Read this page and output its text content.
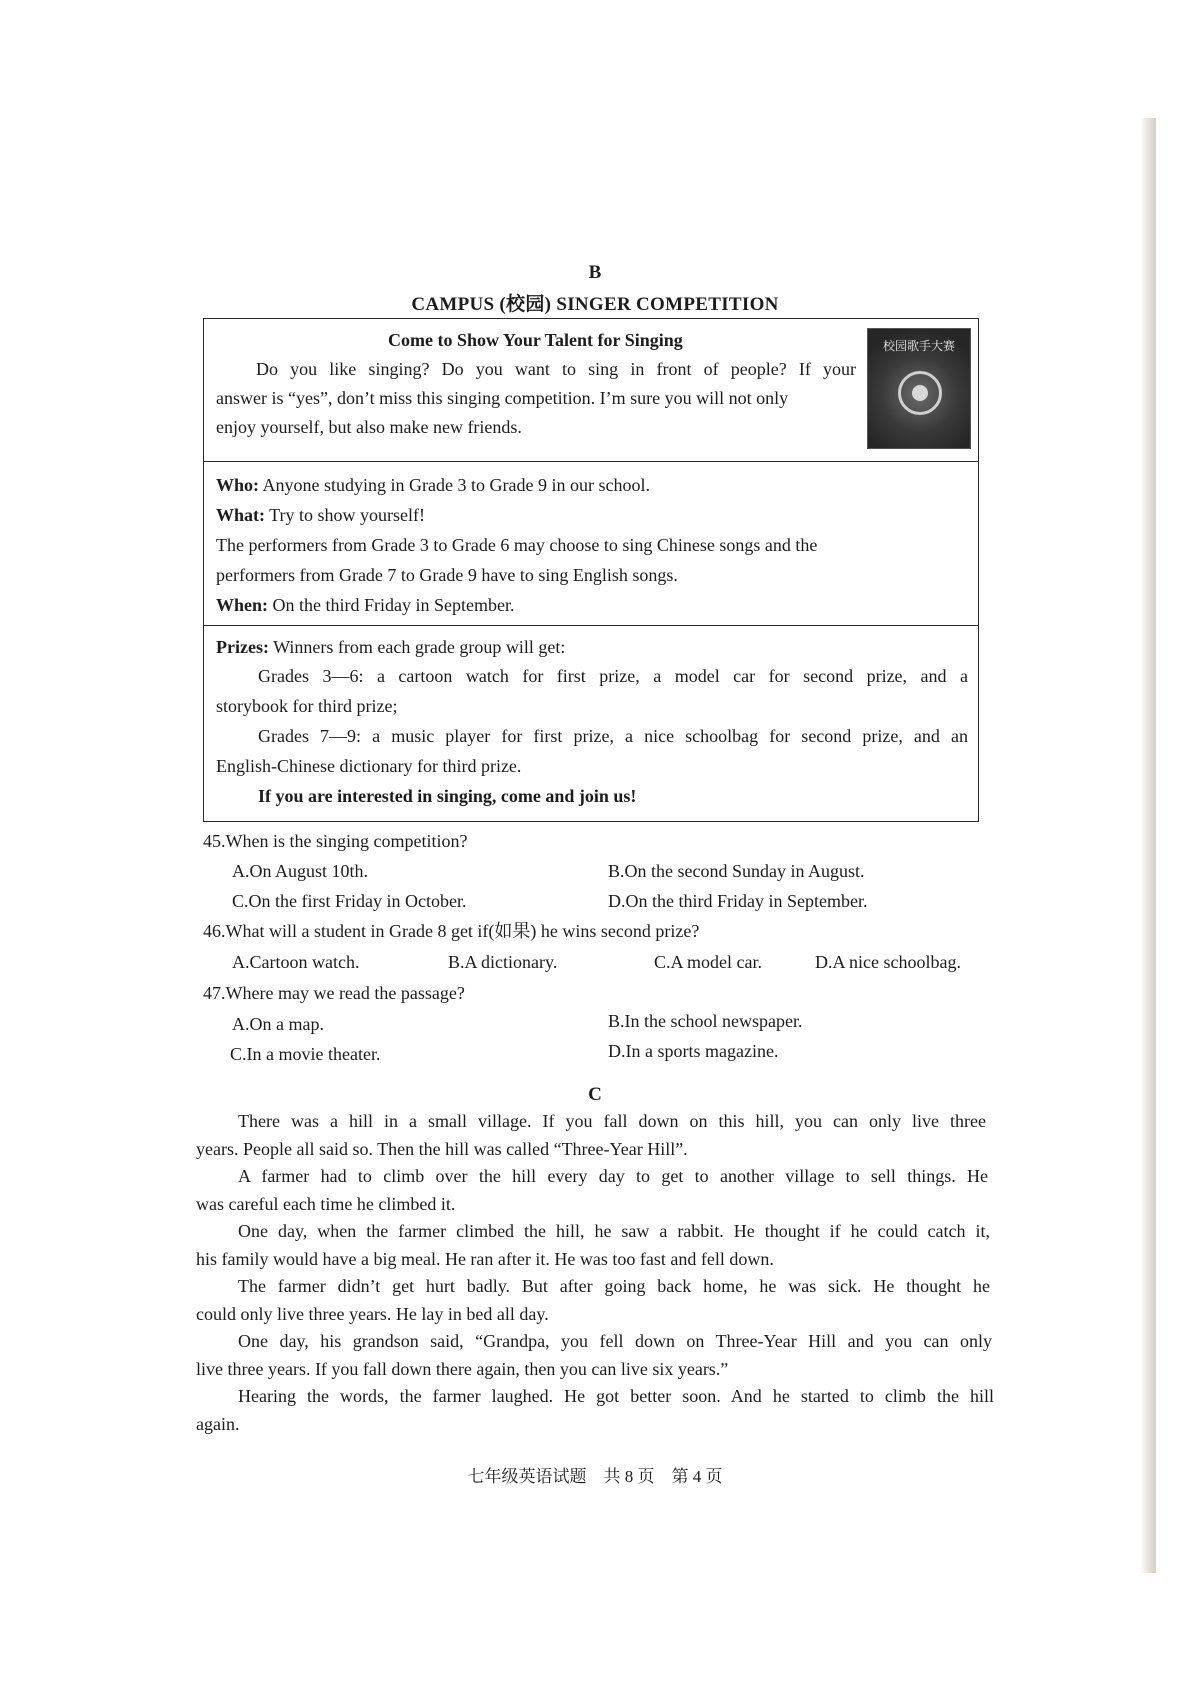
B
CAMPUS (校园) SINGER COMPETITION
Come to Show Your Talent for Singing
Do you like singing? Do you want to sing in front of people? If your
answer is “yes”, don’t miss this singing competition. I’m sure you will not only
enjoy yourself, but also make new friends.
Who: Anyone studying in Grade 3 to Grade 9 in our school.
What: Try to show yourself!
The performers from Grade 3 to Grade 6 may choose to sing Chinese songs and the
performers from Grade 7 to Grade 9 have to sing English songs.
When: On the third Friday in September.
Prizes: Winners from each grade group will get:
Grades 3—6: a cartoon watch for first prize, a model car for second prize, and a
storybook for third prize;
Grades 7—9: a music player for first prize, a nice schoolbag for second prize, and an
English-Chinese dictionary for third prize.
If you are interested in singing, come and join us!
校园歌手大赛
45.When is the singing competition?
A.On August 10th.	B.On the second Sunday in August.
C.On the first Friday in October.	D.On the third Friday in September.
46.What will a student in Grade 8 get if(如果) he wins second prize?
A.Cartoon watch.	B.A dictionary.	C.A model car.	D.A nice schoolbag.
47.Where may we read the passage?
A.On a map.	B.In the school newspaper.
C.In a movie theater.	D.In a sports magazine.
C
There was a hill in a small village. If you fall down on this hill, you can only live three
years. People all said so. Then the hill was called “Three-Year Hill”.
A farmer had to climb over the hill every day to get to another village to sell things. He
was careful each time he climbed it.
One day, when the farmer climbed the hill, he saw a rabbit. He thought if he could catch it,
his family would have a big meal. He ran after it. He was too fast and fell down.
The farmer didn’t get hurt badly. But after going back home, he was sick. He thought he
could only live three years. He lay in bed all day.
One day, his grandson said, “Grandpa, you fell down on Three-Year Hill and you can only
live three years. If you fall down there again, then you can live six years.”
Hearing the words, the farmer laughed. He got better soon. And he started to climb the hill
again.
七年级英语试题　共 8 页　第 4 页
